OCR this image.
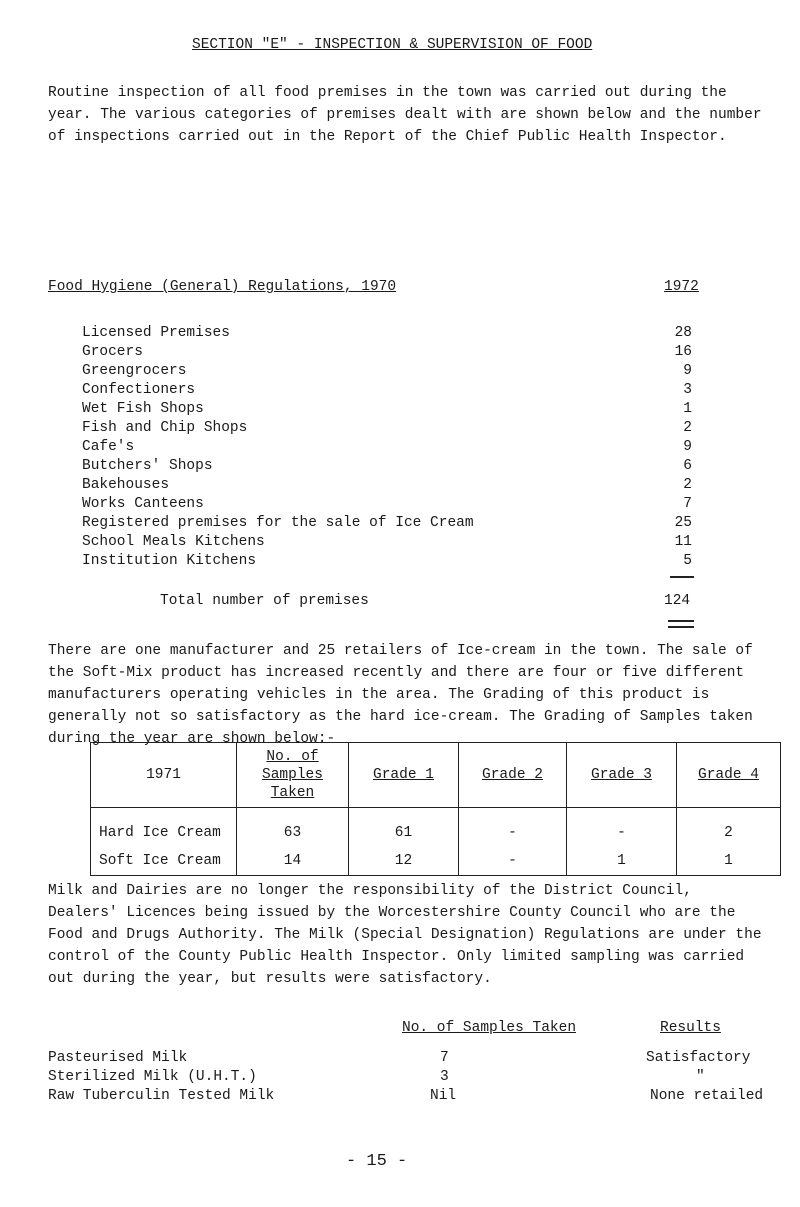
SECTION "E" - INSPECTION & SUPERVISION OF FOOD
Routine inspection of all food premises in the town was carried out during the year. The various categories of premises dealt with are shown below and the number of inspections carried out in the Report of the Chief Public Health Inspector.
Food Hygiene (General) Regulations, 1970	1972
Licensed Premises	28
Grocers	16
Greengrocers	9
Confectioners	3
Wet Fish Shops	1
Fish and Chip Shops	2
Cafe's	9
Butchers' Shops	6
Bakehouses	2
Works Canteens	7
Registered premises for the sale of Ice Cream	25
School Meals Kitchens	11
Institution Kitchens	5
Total number of premises	124
There are one manufacturer and 25 retailers of Ice-cream in the town. The sale of the Soft-Mix product has increased recently and there are four or five different manufacturers operating vehicles in the area. The Grading of this product is generally not so satisfactory as the hard ice-cream. The Grading of Samples taken during the year are shown below:-
1971	No. of Samples Taken	Grade 1	Grade 2	Grade 3	Grade 4
Hard Ice Cream	63	61	-	-	2
Soft Ice Cream	14	12	-	1	1
Milk and Dairies are no longer the responsibility of the District Council, Dealers' Licences being issued by the Worcestershire County Council who are the Food and Drugs Authority. The Milk (Special Designation) Regulations are under the control of the County Public Health Inspector. Only limited sampling was carried out during the year, but results were satisfactory.
No. of Samples Taken	Results
Pasteurised Milk	7	Satisfactory
Sterilized Milk (U.H.T.)	3	"
Raw Tuberculin Tested Milk	Nil	None retailed
- 15 -
